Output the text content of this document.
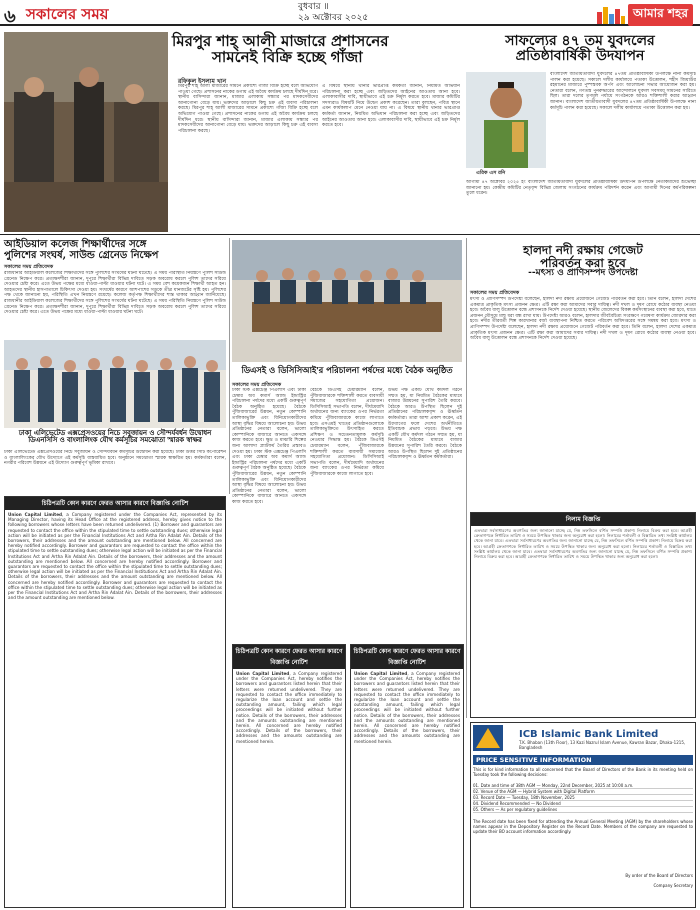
৬ সকালের সময়	বুধবার ॥
২৯ অক্টোবর ২০২৫	আমার শহর
মিরপুর শাহ্ আলী মাজারে প্রশাসনের
সামনেই বিক্রি হচ্ছে গাঁজা
রফিকুল ইসলাম খান
মিরপুর শাহ্ আলী মাজারের সামনে প্রকাশ্যে গাঁজা বিক্রি হচ্ছে বলে অভিযোগ পাওয়া গেছে। প্রশাসনের নাকের ডগায় এই অবৈধ কার্যক্রম চলছে দীর্ঘদিন ধরে। স্থানীয় বাসিন্দারা জানান, মাজার এলাকায় সন্ধ্যার পর মাদকসেবীদের আনাগোনা বেড়ে যায়। ভক্তদের আড়ালে কিছু চক্র এই ব্যবসা পরিচালনা করছে। মিরপুর শাহ্ আলী মাজারের সামনে প্রকাশ্যে গাঁজা বিক্রি হচ্ছে বলে অভিযোগ পাওয়া গেছে। প্রশাসনের নাকের ডগায় এই অবৈধ কার্যক্রম চলছে দীর্ঘদিন ধরে। স্থানীয় বাসিন্দারা জানান, মাজার এলাকায় সন্ধ্যার পর মাদকসেবীদের আনাগোনা বেড়ে যায়। ভক্তদের আড়ালে কিছু চক্র এই ব্যবসা পরিচালনা করছে।
এ বিষয়ে স্থানীয় থানার ভারপ্রাপ্ত কর্মকর্তা জানান, নিয়মিত অভিযান পরিচালনা করা হচ্ছে এবং জড়িতদের আইনের আওতায় আনা হবে। এলাকাবাসীর দাবি, স্থায়ীভাবে এই চক্র নির্মূল করতে হবে। মাজার কমিটির সদস্যরাও বিষয়টি নিয়ে উদ্বেগ প্রকাশ করেছেন। তারা বলছেন, পবিত্র স্থানে এমন কার্যকলাপ মেনে নেওয়া যায় না। এ বিষয়ে স্থানীয় থানার ভারপ্রাপ্ত কর্মকর্তা জানান, নিয়মিত অভিযান পরিচালনা করা হচ্ছে এবং জড়িতদের আইনের আওতায় আনা হবে। এলাকাবাসীর দাবি, স্থায়ীভাবে এই চক্র নির্মূল করতে হবে।
সাফল্যের ৪৭ তম যুবদলের
প্রতিষ্ঠাবার্ষিকী উদযাপন
এরিক এস রনি
বাংলাদেশ জাতীয়তাবাদী যুবদলের ৪৭তম প্রতিষ্ঠাবার্ষিকী উপলক্ষে নানা কর্মসূচি পালন করা হয়েছে। সকালে দলীয় কার্যালয়ে পতাকা উত্তোলন, শহীদ জিয়াউর রহমানের মাজারে পুষ্পস্তবক অর্পণ এবং আলোচনা সভার আয়োজন করা হয়। নেতারা বলেন, গণতন্ত্র পুনরুদ্ধারের আন্দোলনে যুবদল সবসময় সামনের সারিতে ছিল। তারা দলের তৃণমূল পর্যায়ে সংগঠনকে আরও শক্তিশালী করার আহ্বান জানান। বাংলাদেশ জাতীয়তাবাদী যুবদলের ৪৭তম প্রতিষ্ঠাবার্ষিকী উপলক্ষে নানা কর্মসূচি পালন করা হয়েছে। সকালে দলীয় কার্যালয়ে পতাকা উত্তোলন করা হয়।
আগামী ৪৭ অক্টোবর ২০২৫ ইং বাংলাদেশ জাতীয়তাবাদী যুবদলের প্রতিষ্ঠাবার্ষিকী উদযাপন উপলক্ষে নেতাকর্মীদের শুভেচ্ছা জানানো হয়। কেন্দ্রীয় কমিটির নেতৃবৃন্দ বিভিন্ন জেলায় সংগঠনের কার্যক্রম পরিদর্শন করেন এবং আগামী দিনের কর্মপরিকল্পনা তুলে ধরেন।
আইডিয়াল কলেজ শিক্ষার্থীদের সঙ্গে
পুলিশের সংঘর্ষ, সাউন্ড গ্রেনেড নিক্ষেপ
সকালের সময় প্রতিবেদক
রাজধানীর আইডিয়াল কলেজের শিক্ষার্থীদের সঙ্গে পুলিশের সংঘর্ষের ঘটনা ঘটেছে। এ সময় পরিস্থিতি নিয়ন্ত্রণে পুলিশ সাউন্ড গ্রেনেড নিক্ষেপ করে। প্রত্যক্ষদর্শীরা জানান, দুপুরে শিক্ষার্থীরা বিভিন্ন দাবিতে সড়ক অবরোধ করলে পুলিশ তাদের সরিয়ে দেওয়ার চেষ্টা করে। এতে উভয় পক্ষের মধ্যে ধাওয়া-পাল্টা ধাওয়ার ঘটনা ঘটে। এ সময় বেশ কয়েকজন শিক্ষার্থী আহত হন। আহতদের স্থানীয় হাসপাতালে চিকিৎসা দেওয়া হয়। সংঘর্ষের কারণে আশপাশের সড়কে তীব্র যানজটের সৃষ্টি হয়। পুলিশের পক্ষ থেকে জানানো হয়, পরিস্থিতি এখন নিয়ন্ত্রণে রয়েছে। কলেজ কর্তৃপক্ষ শিক্ষার্থীদের শান্ত থাকার আহ্বান জানিয়েছে। রাজধানীর আইডিয়াল কলেজের শিক্ষার্থীদের সঙ্গে পুলিশের সংঘর্ষের ঘটনা ঘটেছে। এ সময় পরিস্থিতি নিয়ন্ত্রণে পুলিশ সাউন্ড গ্রেনেড নিক্ষেপ করে। প্রত্যক্ষদর্শীরা জানান, দুপুরে শিক্ষার্থীরা বিভিন্ন দাবিতে সড়ক অবরোধ করলে পুলিশ তাদের সরিয়ে দেওয়ার চেষ্টা করে। এতে উভয় পক্ষের মধ্যে ধাওয়া-পাল্টা ধাওয়ার ঘটনা ঘটে।
ঢাকা এলিভেটেড এক্সপ্রেসওয়ের নিচে সবুজায়ন ও সৌন্দর্যবর্ধন উদ্বোধন
ডিএনসিসি ও বাংলালিংক যৌথ কর্মসূচির সমঝোতা স্মারক স্বাক্ষর
ঢাকা এলিভেটেড এক্সপ্রেসওয়ের নিচে সবুজায়ন ও সৌন্দর্যবর্ধন কর্মসূচির উদ্বোধন করা হয়েছে। ঢাকা উত্তর সিটি কর্পোরেশন ও বাংলালিংকের যৌথ উদ্যোগে এই কর্মসূচি বাস্তবায়িত হবে। অনুষ্ঠানে সমঝোতা স্মারক স্বাক্ষরিত হয়। কর্মকর্তারা বলেন, নগরীর পরিবেশ উন্নয়নে এই উদ্যোগ গুরুত্বপূর্ণ ভূমিকা রাখবে।
ডিএসই ও ডিসিসিআই'র পরিচালনা পর্ষদের মধ্যে বৈঠক অনুষ্ঠিত
সকালের সময় প্রতিবেদক
ঢাকা স্টক এক্সচেঞ্জ পিএলসি এবং ঢাকা চেম্বার অব কমার্স অ্যান্ড ইন্ডাস্ট্রির পরিচালনা পর্ষদের মধ্যে একটি গুরুত্বপূর্ণ বৈঠক অনুষ্ঠিত হয়েছে। বৈঠকে পুঁজিবাজারের উন্নয়ন, নতুন কোম্পানি তালিকাভুক্তি এবং বিনিয়োগকারীদের আস্থা বৃদ্ধির বিষয়ে আলোচনা হয়। উভয় প্রতিষ্ঠানের নেতারা বলেন, ভালো কোম্পানিকে বাজারে আনতে একসঙ্গে কাজ করতে হবে। ক্ষুদ্র ও মাঝারি শিল্পের জন্য আলাদা প্ল্যাটফর্ম তৈরির প্রস্তাবও দেওয়া হয়। ঢাকা স্টক এক্সচেঞ্জ পিএলসি এবং ঢাকা চেম্বার অব কমার্স অ্যান্ড ইন্ডাস্ট্রির পরিচালনা পর্ষদের মধ্যে একটি গুরুত্বপূর্ণ বৈঠক অনুষ্ঠিত হয়েছে। বৈঠকে পুঁজিবাজারের উন্নয়ন, নতুন কোম্পানি তালিকাভুক্তি এবং বিনিয়োগকারীদের আস্থা বৃদ্ধির বিষয়ে আলোচনা হয়। উভয় প্রতিষ্ঠানের নেতারা বলেন, ভালো কোম্পানিকে বাজারে আনতে একসঙ্গে কাজ করতে হবে।
বৈঠকে ডিএসই চেয়ারম্যান বলেন, পুঁজিবাজারকে শক্তিশালী করতে ব্যবসায়ী সমাজের সহযোগিতা প্রয়োজন। ডিসিসিআই সভাপতি বলেন, দীর্ঘমেয়াদি অর্থায়নের জন্য ব্যাংকের ওপর নির্ভরতা কমিয়ে পুঁজিবাজারকে কাজে লাগাতে হবে। এসএমই খাতের প্রতিষ্ঠানগুলোকে তালিকাভুক্তিতে উৎসাহিত করতে প্রশিক্ষণ ও সচেতনতামূলক কর্মসূচি নেওয়ার সিদ্ধান্ত হয়। বৈঠকে ডিএসই চেয়ারম্যান বলেন, পুঁজিবাজারকে শক্তিশালী করতে ব্যবসায়ী সমাজের সহযোগিতা প্রয়োজন। ডিসিসিআই সভাপতি বলেন, দীর্ঘমেয়াদি অর্থায়নের জন্য ব্যাংকের ওপর নির্ভরতা কমিয়ে পুঁজিবাজারকে কাজে লাগাতে হবে।
উভয় পক্ষ একটি যৌথ কর্মদল গঠনে সম্মত হয়, যা নিয়মিত বৈঠকের মাধ্যমে বাজার উন্নয়নের সুপারিশ তৈরি করবে। বৈঠকে আরও উপস্থিত ছিলেন দুই প্রতিষ্ঠানের পরিচালকবৃন্দ ও ঊর্ধ্বতন কর্মকর্তারা। তারা আশা প্রকাশ করেন, এই উদ্যোগের ফলে দেশের অর্থনীতিতে ইতিবাচক প্রভাব পড়বে। উভয় পক্ষ একটি যৌথ কর্মদল গঠনে সম্মত হয়, যা নিয়মিত বৈঠকের মাধ্যমে বাজার উন্নয়নের সুপারিশ তৈরি করবে। বৈঠকে আরও উপস্থিত ছিলেন দুই প্রতিষ্ঠানের পরিচালকবৃন্দ ও ঊর্ধ্বতন কর্মকর্তারা।
হালদা নদী রক্ষায় গেজেট
পরিবর্তন করা হবে
--মৎস্য ও প্রাণিসম্পদ উপদেষ্টা
সকালের সময় প্রতিবেদক
মৎস্য ও প্রাণিসম্পদ উপদেষ্টা বলেছেন, হালদা নদী রক্ষায় প্রয়োজনে গেজেট পরিবর্তন করা হবে। তিনি বলেন, হালদা দেশের একমাত্র প্রাকৃতিক মৎস্য প্রজনন ক্ষেত্র। এটি রক্ষা করা আমাদের সবার দায়িত্ব। নদী দখল ও দূষণ রোধে কঠোর ব্যবস্থা নেওয়া হবে। অবৈধ বালু উত্তোলন বন্ধে প্রশাসনকে নির্দেশ দেওয়া হয়েছে। স্থানীয় জেলেদের বিকল্প কর্মসংস্থানের ব্যবস্থা করা হবে, যাতে প্রজনন মৌসুমে মাছ ধরা বন্ধ রাখা যায়। উপদেষ্টা আরও বলেন, হালদার জীববৈচিত্র্য সংরক্ষণে গবেষণা কার্যক্রম জোরদার করা হবে। নদীর তীরবর্তী শিল্প কারখানার বর্জ্য ব্যবস্থাপনা নিশ্চিত করতে পরিবেশ অধিদপ্তরের সঙ্গে সমন্বয় করা হবে। মৎস্য ও প্রাণিসম্পদ উপদেষ্টা বলেছেন, হালদা নদী রক্ষায় প্রয়োজনে গেজেট পরিবর্তন করা হবে। তিনি বলেন, হালদা দেশের একমাত্র প্রাকৃতিক মৎস্য প্রজনন ক্ষেত্র। এটি রক্ষা করা আমাদের সবার দায়িত্ব। নদী দখল ও দূষণ রোধে কঠোর ব্যবস্থা নেওয়া হবে। অবৈধ বালু উত্তোলন বন্ধে প্রশাসনকে নির্দেশ দেওয়া হয়েছে।
নিলাম বিজ্ঞপ্তি
এতদ্বারা সর্বসাধারণের অবগতির জন্য জানানো যাচ্ছে যে, নিম্ন তফসিলে বর্ণিত সম্পত্তি প্রকাশ্য নিলামে বিক্রয় করা হবে। আগ্রহী ক্রেতাগণকে নির্ধারিত তারিখ ও সময়ে উপস্থিত থাকার জন্য অনুরোধ করা হলো। নিলামের শর্তাবলী ও বিস্তারিত তথ্য সংশ্লিষ্ট কার্যালয় থেকে জানা যাবে। এতদ্বারা সর্বসাধারণের অবগতির জন্য জানানো যাচ্ছে যে, নিম্ন তফসিলে বর্ণিত সম্পত্তি প্রকাশ্য নিলামে বিক্রয় করা হবে। আগ্রহী ক্রেতাগণকে নির্ধারিত তারিখ ও সময়ে উপস্থিত থাকার জন্য অনুরোধ করা হলো। নিলামের শর্তাবলী ও বিস্তারিত তথ্য সংশ্লিষ্ট কার্যালয় থেকে জানা যাবে। এতদ্বারা সর্বসাধারণের অবগতির জন্য জানানো যাচ্ছে যে, নিম্ন তফসিলে বর্ণিত সম্পত্তি প্রকাশ্য নিলামে বিক্রয় করা হবে। আগ্রহী ক্রেতাগণকে নির্ধারিত তারিখ ও সময়ে উপস্থিত থাকার জন্য অনুরোধ করা হলো।
চিঠিপত্রটি কোন কারণে ফেরত আসার কারণে বিজ্ঞাপ্তি নোটিশ
Union Capital Limited, a Company registered under the Companies Act, represented by its Managing Director, having its Head Office at the registered address, hereby gives notice to the following borrowers whose letters have been returned undelivered. (1) Borrower and guarantors are requested to contact the office within the stipulated time to settle outstanding dues; otherwise legal action will be initiated as per the Financial Institutions Act and Artha Rin Adalat Ain. Details of the borrowers, their addresses and the amount outstanding are mentioned below. All concerned are hereby notified accordingly. Borrower and guarantors are requested to contact the office within the stipulated time to settle outstanding dues; otherwise legal action will be initiated as per the Financial Institutions Act and Artha Rin Adalat Ain. Details of the borrowers, their addresses and the amount outstanding are mentioned below. All concerned are hereby notified accordingly. Borrower and guarantors are requested to contact the office within the stipulated time to settle outstanding dues; otherwise legal action will be initiated as per the Financial Institutions Act and Artha Rin Adalat Ain. Details of the borrowers, their addresses and the amount outstanding are mentioned below. All concerned are hereby notified accordingly. Borrower and guarantors are requested to contact the office within the stipulated time to settle outstanding dues; otherwise legal action will be initiated as per the Financial Institutions Act and Artha Rin Adalat Ain. Details of the borrowers, their addresses and the amount outstanding are mentioned below.
চিঠিপত্রটি কোন কারণে ফেরত আসার কারণে বিজ্ঞাপ্তি নোটিশ
Union Capital Limited, a Company registered under the Companies Act, hereby notifies the borrowers and guarantors listed herein that their letters were returned undelivered. They are requested to contact the office immediately to regularize the loan account and settle the outstanding amount, failing which legal proceedings will be initiated without further notice. Details of the borrowers, their addresses and the amounts outstanding are mentioned herein. All concerned are hereby notified accordingly. Details of the borrowers, their addresses and the amounts outstanding are mentioned herein.
চিঠিপত্রটি কোন কারণে ফেরত আসার কারণে বিজ্ঞাপ্তি নোটিশ
Union Capital Limited, a Company registered under the Companies Act, hereby notifies the borrowers and guarantors listed herein that their letters were returned undelivered. They are requested to contact the office immediately to regularize the loan account and settle the outstanding amount, failing which legal proceedings will be initiated without further notice. Details of the borrowers, their addresses and the amounts outstanding are mentioned herein. All concerned are hereby notified accordingly. Details of the borrowers, their addresses and the amounts outstanding are mentioned herein.
ICB Islamic Bank Limited
T.K. Bhaban (13th Floor), 13 Kazi Nazrul Islam Avenue, Kawran Bazar, Dhaka-1215, Bangladesh
PRICE SENSITIVE INFORMATION
This is for kind information to all concerned that the Board of Directors of the Bank in its meeting held on Tuesday took the following decisions:
01. Date and time of 38th AGM — Monday, 22nd December, 2025 at 10:00 a.m.
02. Venue of the AGM — Hybrid System with Digital Platform
03. Record Date — Tuesday, 18th November, 2025
04. Dividend Recommended — No Dividend
05. Others — As per regulatory guidelines
The Record date has been fixed for attending the Annual General Meeting (AGM) by the shareholders whose names appear in the Depository Register on the Record Date. Members of the company are requested to update their BO account information accordingly.
By order of the Board of Directors
Company Secretary
